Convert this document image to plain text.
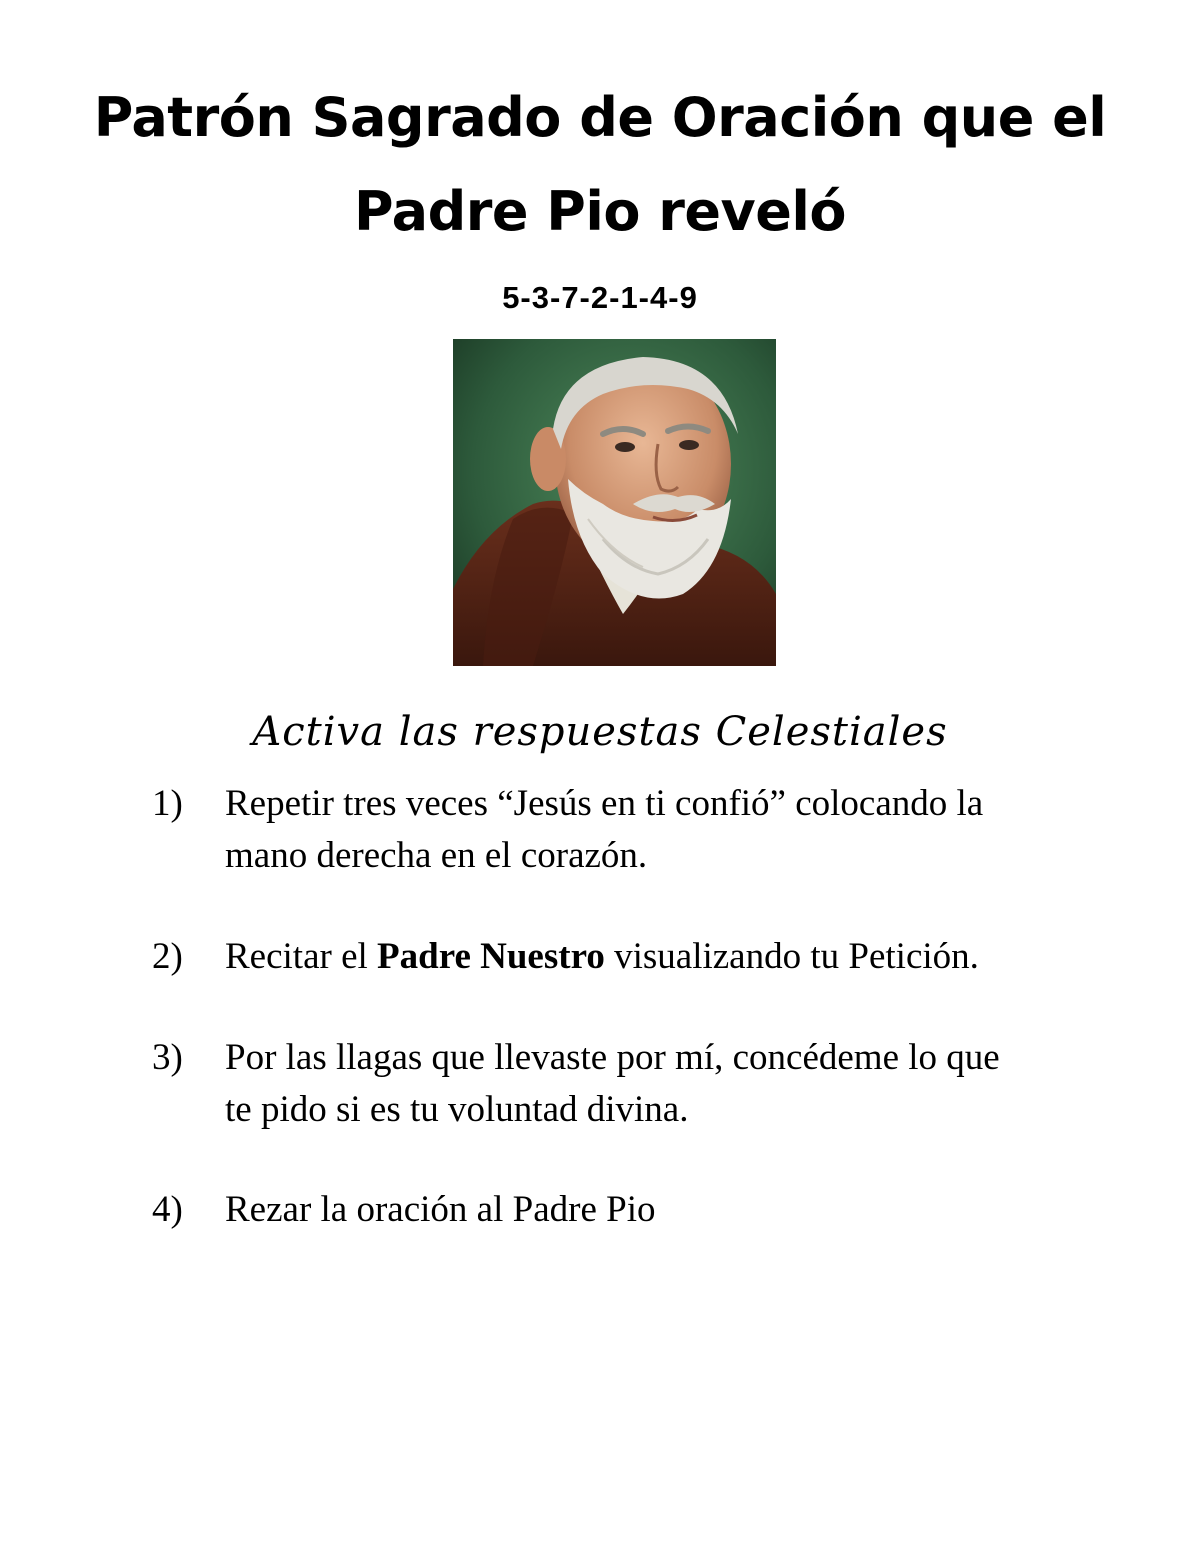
Patrón Sagrado de Oración que el
Padre Pio reveló
5-3-7-2-1-4-9
Activa las respuestas Celestiales
1)	Repetir tres veces “Jesús en ti confió” colocando la
mano derecha en el corazón.
2)	Recitar el Padre Nuestro visualizando tu Petición.
3)	Por las llagas que llevaste por mí, concédeme lo que
te pido si es tu voluntad divina.
4)	Rezar la oración al Padre Pio
